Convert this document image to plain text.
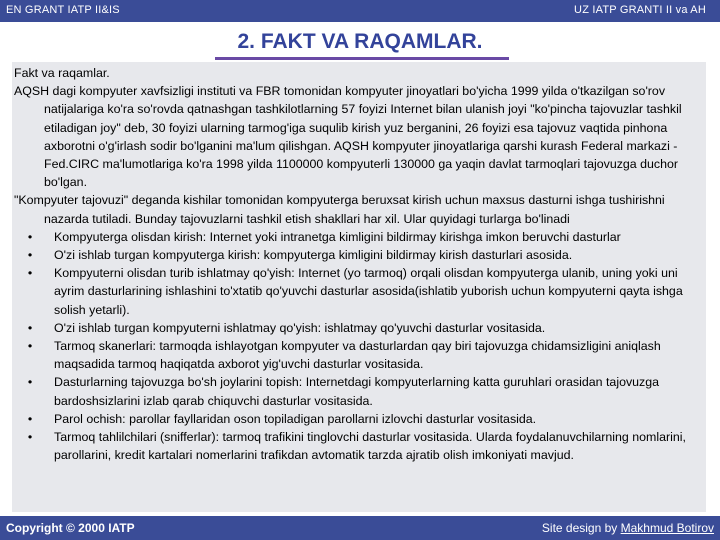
EN GRANT IATP II&IS	UZ IATP GRANTI II va AH
2. FAKT VA RAQAMLAR.

Fakt va raqamlar.

AQSH dagi kompyuter xavfsizligi instituti va FBR tomonidan kompyuter jinoyatlari bo'yicha 1999 yilda o'tkazilgan so'rov natijalariga ko'ra so'rovda qatnashgan tashkilotlarning 57 foyizi Internet bilan ulanish joyi "ko'pincha tajovuzlar tashkil etiladigan joy" deb, 30 foyizi ularning tarmog'iga suqulib kirish yuz berganini, 26 foyizi esa tajovuz vaqtida pinhona axborotni o'g'irlash sodir bo'lganini ma'lum qilishgan. AQSH kompyuter jinoyatlariga qarshi kurash Federal markazi - Fed.CIRC ma'lumotlariga ko'ra 1998 yilda 1100000 kompyuterli 130000 ga yaqin davlat tarmoqlari tajovuzga duchor bo'lgan.

"Kompyuter tajovuzi" deganda kishilar tomonidan kompyuterga beruxsat kirish uchun maxsus dasturni ishga tushirishni nazarda tutiladi. Bunday tajovuzlarni tashkil etish shakllari har xil. Ular quyidagi turlarga bo'linadi

• Kompyuterga olisdan kirish: Internet yoki intranetga kimligini bildirmay kirishga imkon beruvchi dasturlar
• O'zi ishlab turgan kompyuterga kirish: kompyuterga kimligini bildirmay kirish dasturlari asosida.
• Kompyuterni olisdan turib ishlatmay qo'yish: Internet (yo tarmoq) orqali olisdan kompyuterga ulanib, uning yoki uni ayrim dasturlarining ishlashini to'xtatib qo'yuvchi dasturlar asosida(ishlatib yuborish uchun kompyuterni qayta ishga solish yetarli).
• O'zi ishlab turgan kompyuterni ishlatmay qo'yish: ishlatmay qo'yuvchi dasturlar vositasida.
• Tarmoq skanerlari: tarmoqda ishlayotgan kompyuter va dasturlardan qay biri tajovuzga chidamsizligini aniqlash maqsadida tarmoq haqiqatda axborot yig'uvchi dasturlar vositasida.
• Dasturlarning tajovuzga bo'sh joylarini topish: Internetdagi kompyuterlarning katta guruhlari orasidan tajovuzga bardoshsizlarini izlab qarab chiquvchi dasturlar vositasida.
• Parol ochish: parollar fayllaridan oson topiladigan parollarni izlovchi dasturlar vositasida.
• Tarmoq tahlilchilari (snifferlar): tarmoq trafikini tinglovchi dasturlar vositasida. Ularda foydalanuvchilarning nomlarini, parollarini, kredit kartalari nomerlarini trafikdan avtomatik tarzda ajratib olish imkoniyati mavjud.
Copyright © 2000 IATP	Site design by Makhmud Botirov
